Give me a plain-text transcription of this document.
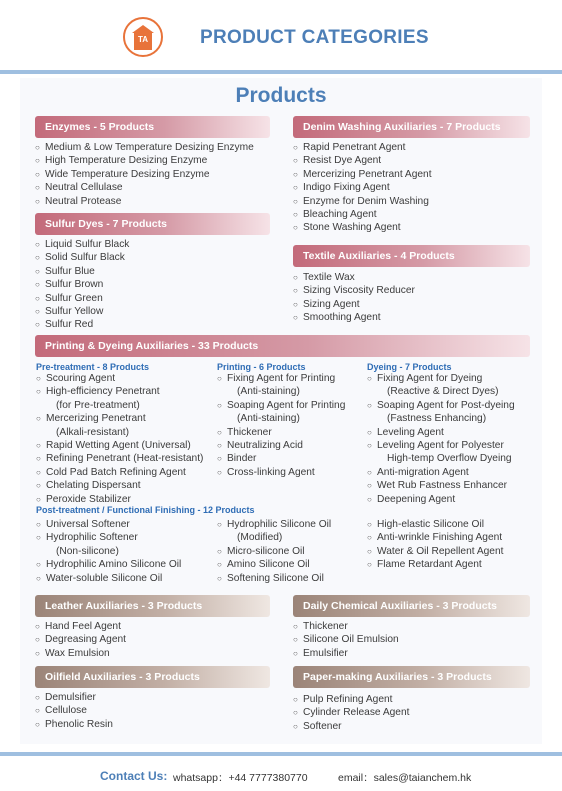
TA	PRODUCT CATEGORIES
Products
Enzymes - 5 Products
○ Medium & Low Temperature Desizing Enzyme
○ High Temperature Desizing Enzyme
○ Wide Temperature Desizing Enzyme
○ Neutral Cellulase
○ Neutral Protease
Sulfur Dyes - 7 Products
○ Liquid Sulfur Black
○ Solid Sulfur Black
○ Sulfur Blue
○ Sulfur Brown
○ Sulfur Green
○ Sulfur Yellow
○ Sulfur Red
Denim Washing Auxiliaries - 7 Products
○ Rapid Penetrant Agent
○ Resist Dye Agent
○ Mercerizing Penetrant Agent
○ Indigo Fixing Agent
○ Enzyme for Denim Washing
○ Bleaching Agent
○ Stone Washing Agent
Textile Auxiliaries - 4 Products
○ Textile Wax
○ Sizing Viscosity Reducer
○ Sizing Agent
○ Smoothing Agent
Printing & Dyeing Auxiliaries - 33 Products
Pre-treatment - 8 Products
○ Scouring Agent
○ High-efficiency Penetrant
(for Pre-treatment)
○ Mercerizing Penetrant
(Alkali-resistant)
○ Rapid Wetting Agent (Universal)
○ Refining Penetrant (Heat-resistant)
○ Cold Pad Batch Refining Agent
○ Chelating Dispersant
○ Peroxide Stabilizer
Printing - 6 Products
○ Fixing Agent for Printing
(Anti-staining)
○ Soaping Agent for Printing
(Anti-staining)
○ Thickener
○ Neutralizing Acid
○ Binder
○ Cross-linking Agent
Dyeing - 7 Products
○ Fixing Agent for Dyeing
(Reactive & Direct Dyes)
○ Soaping Agent for Post-dyeing
(Fastness Enhancing)
○ Leveling Agent
○ Leveling Agent for Polyester
High-temp Overflow Dyeing
○ Anti-migration Agent
○ Wet Rub Fastness Enhancer
○ Deepening Agent
Post-treatment / Functional Finishing - 12 Products
○ Universal Softener
○ Hydrophilic Softener
(Non-silicone)
○ Hydrophilic Amino Silicone Oil
○ Water-soluble Silicone Oil
○ Hydrophilic Silicone Oil
(Modified)
○ Micro-silicone Oil
○ Amino Silicone Oil
○ Softening Silicone Oil
○ High-elastic Silicone Oil
○ Anti-wrinkle Finishing Agent
○ Water & Oil Repellent Agent
○ Flame Retardant Agent
Leather Auxiliaries - 3 Products
○ Hand Feel Agent
○ Degreasing Agent
○ Wax Emulsion
Daily Chemical Auxiliaries - 3 Products
○ Thickener
○ Silicone Oil Emulsion
○ Emulsifier
Oilfield Auxiliaries - 3 Products
○ Demulsifier
○ Cellulose
○ Phenolic Resin
Paper-making Auxiliaries - 3 Products
○ Pulp Refining Agent
○ Cylinder Release Agent
○ Softener
Contact Us: whatsapp：+44 7777380770	email：sales@taianchem.hk
